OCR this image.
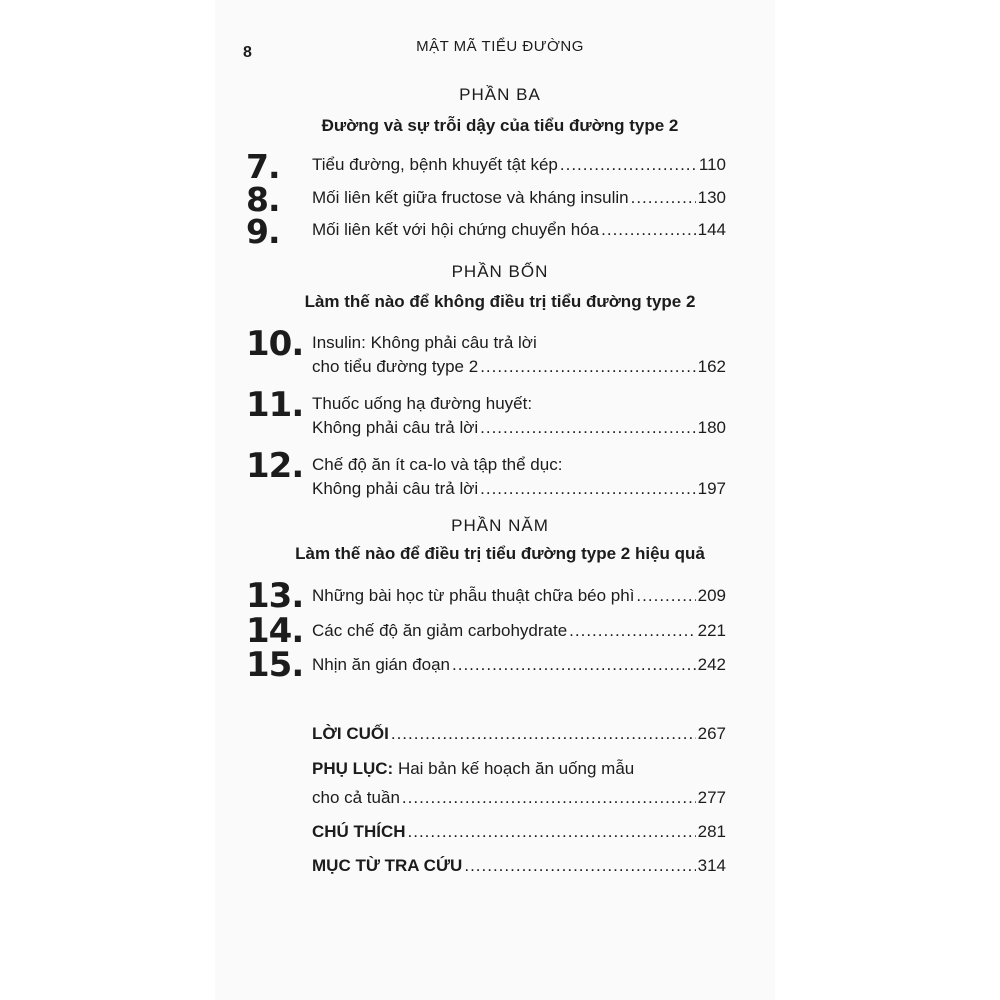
8	MẬT MÃ TIỂU ĐƯỜNG
PHẦN BA
Đường và sự trỗi dậy của tiểu đường type 2
7. Tiểu đường, bệnh khuyết tật kép .....	110
8. Mối liên kết giữa fructose và kháng insulin .....	130
9. Mối liên kết với hội chứng chuyển hóa .....	144
PHẦN BỐN
Làm thế nào để không điều trị tiểu đường type 2
10. Insulin: Không phải câu trả lời
cho tiểu đường type 2 .....	162
11. Thuốc uống hạ đường huyết:
Không phải câu trả lời .....	180
12. Chế độ ăn ít ca-lo và tập thể dục:
Không phải câu trả lời .....	197
PHẦN NĂM
Làm thế nào để điều trị tiểu đường type 2 hiệu quả
13. Những bài học từ phẫu thuật chữa béo phì .....	209
14. Các chế độ ăn giảm carbohydrate .....	221
15. Nhịn ăn gián đoạn .....	242
LỜI CUỐI .....	267
PHỤ LỤC: Hai bản kế hoạch ăn uống mẫu
cho cả tuần .....	277
CHÚ THÍCH .....	281
MỤC TỪ TRA CỨU .....	314
